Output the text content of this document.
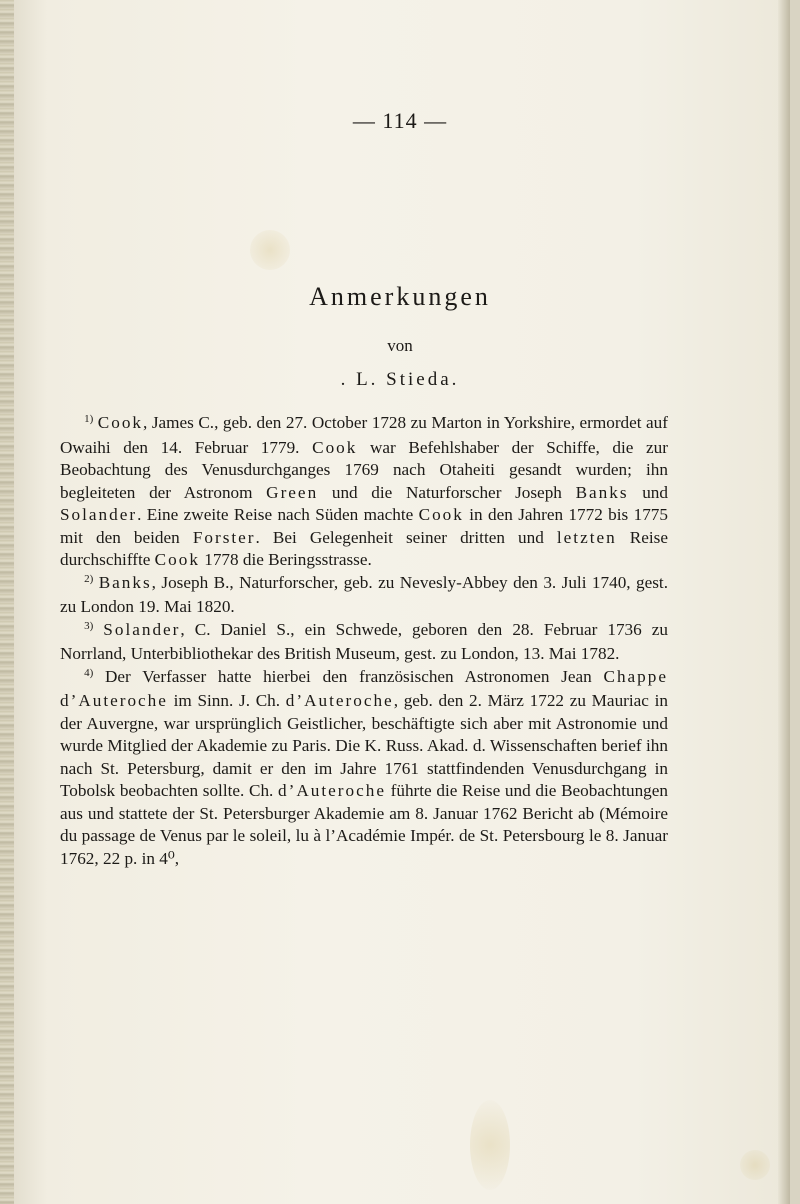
— 114 —
Anmerkungen
von
. L. Stieda.

$^{1)}$ Cook, James C., geb. den 27. October 1728 zu Marton in Yorkshire, ermordet auf Owaihi den 14. Februar 1779. Cook war Befehlshaber der Schiffe, die zur Beobachtung des Venusdurchganges 1769 nach Otaheiti gesandt wurden; ihn begleiteten der Astronom Green und die Naturforscher Joseph Banks und Solander. Eine zweite Reise nach Süden machte Cook in den Jahren 1772 bis 1775 mit den beiden Forster. Bei Gelegenheit seiner dritten und letzten Reise durchschiffte Cook 1778 die Beringsstrasse.

$^{2)}$ Banks, Joseph B., Naturforscher, geb. zu Nevesly-Abbey den 3. Juli 1740, gest. zu London 19. Mai 1820.

$^{3)}$ Solander, C. Daniel S., ein Schwede, geboren den 28. Februar 1736 zu Norrland, Unterbibliothekar des British Museum, gest. zu London, 13. Mai 1782.

$^{4)}$ Der Verfasser hatte hierbei den französischen Astronomen Jean Chappe d’Auteroche im Sinn. J. Ch. d’Auteroche, geb. den 2. März 1722 zu Mauriac in der Auvergne, war ursprünglich Geistlicher, beschäftigte sich aber mit Astronomie und wurde Mitglied der Akademie zu Paris. Die K. Russ. Akad. d. Wissenschaften berief ihn nach St. Petersburg, damit er den im Jahre 1761 stattfindenden Venusdurchgang in Tobolsk beobachten sollte. Ch. d’Auteroche führte die Reise und die Beobachtungen aus und stattete der St. Petersburger Akademie am 8. Januar 1762 Bericht ab (Mémoire du passage de Venus par le soleil, lu à l’Académie Impér. de St. Petersbourg le 8. Januar 1762, 22 p. in 4⁰,
